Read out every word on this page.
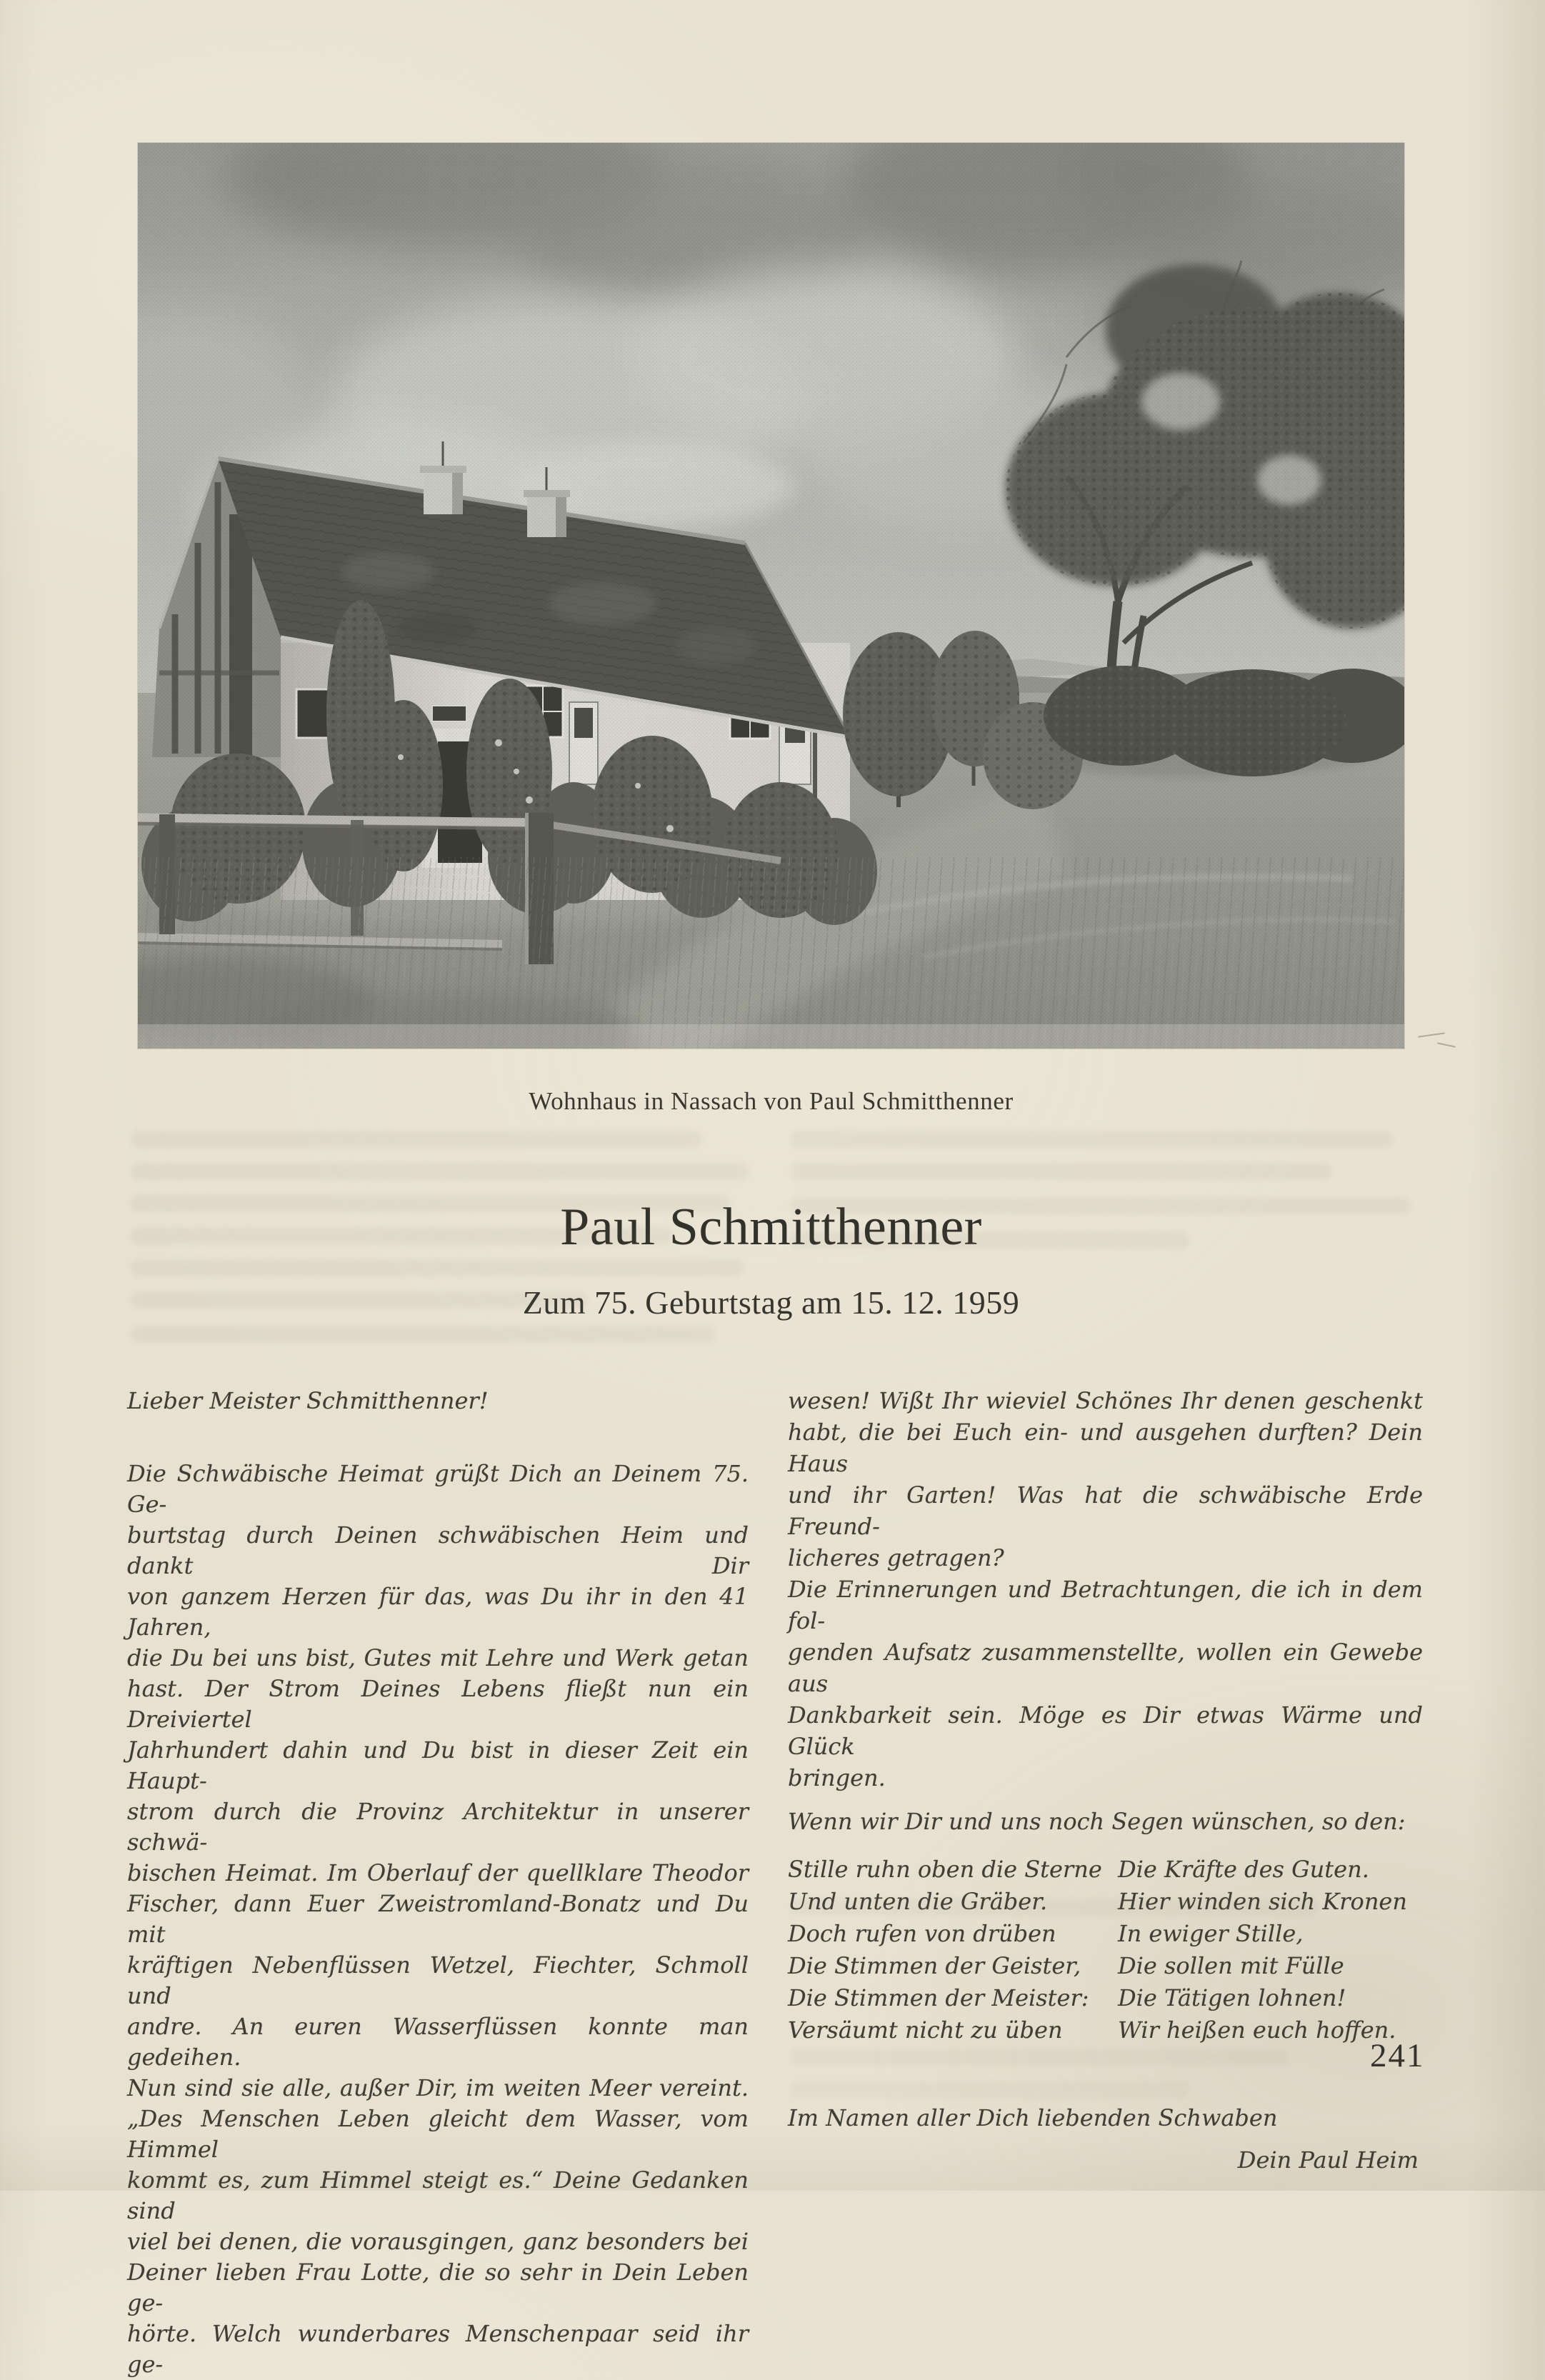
Wohnhaus in Nassach von Paul Schmitthenner
Paul Schmitthenner
Zum 75. Geburtstag am 15. 12. 1959
Lieber Meister Schmitthenner!
Die Schwäbische Heimat grüßt Dich an Deinem 75. Ge-
burtstag durch Deinen schwäbischen Heim und dankt Dir
von ganzem Herzen für das, was Du ihr in den 41 Jahren,
die Du bei uns bist, Gutes mit Lehre und Werk getan
hast. Der Strom Deines Lebens fließt nun ein Dreiviertel
Jahrhundert dahin und Du bist in dieser Zeit ein Haupt-
strom durch die Provinz Architektur in unserer schwä-
bischen Heimat. Im Oberlauf der quellklare Theodor
Fischer, dann Euer Zweistromland-Bonatz und Du mit
kräftigen Nebenflüssen Wetzel, Fiechter, Schmoll und
andre. An euren Wasserflüssen konnte man gedeihen.
Nun sind sie alle, außer Dir, im weiten Meer vereint.
„Des Menschen Leben gleicht dem Wasser, vom Himmel
kommt es, zum Himmel steigt es.“ Deine Gedanken sind
viel bei denen, die vorausgingen, ganz besonders bei
Deiner lieben Frau Lotte, die so sehr in Dein Leben ge-
hörte. Welch wunderbares Menschenpaar seid ihr ge-
wesen! Wißt Ihr wieviel Schönes Ihr denen geschenkt
habt, die bei Euch ein- und ausgehen durften? Dein Haus
und ihr Garten! Was hat die schwäbische Erde Freund-
licheres getragen?
Die Erinnerungen und Betrachtungen, die ich in dem fol-
genden Aufsatz zusammenstellte, wollen ein Gewebe aus
Dankbarkeit sein. Möge es Dir etwas Wärme und Glück
bringen.
Wenn wir Dir und uns noch Segen wünschen, so den:
Stille ruhn oben die Sterne
Und unten die Gräber.
Doch rufen von drüben
Die Stimmen der Geister,
Die Stimmen der Meister:
Versäumt nicht zu üben
Die Kräfte des Guten.
Hier winden sich Kronen
In ewiger Stille,
Die sollen mit Fülle
Die Tätigen lohnen!
Wir heißen euch hoffen.
Im Namen aller Dich liebenden Schwaben
Dein Paul Heim
241
